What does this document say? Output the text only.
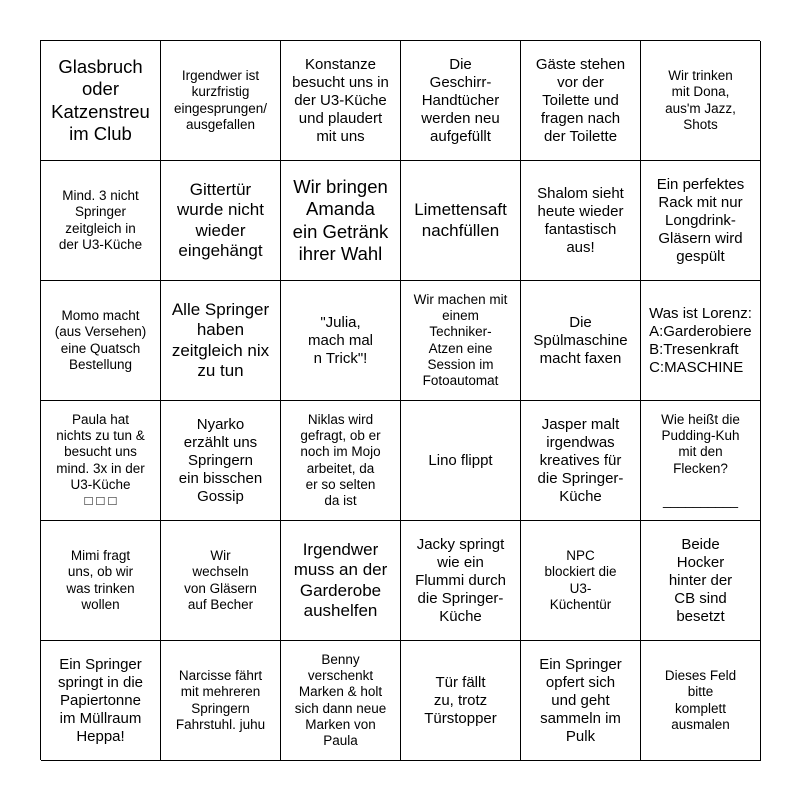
Glasbruch
oder
Katzenstreu
im Club
Irgendwer ist
kurzfristig
eingesprungen/
ausgefallen
Konstanze
besucht uns in
der U3-Küche
und plaudert
mit uns
Die
Geschirr-
Handtücher
werden neu
aufgefüllt
Gäste stehen
vor der
Toilette und
fragen nach
der Toilette
Wir trinken
mit Dona,
aus'm Jazz,
Shots
Mind. 3 nicht
Springer
zeitgleich in
der U3-Küche
Gittertür
wurde nicht
wieder
eingehängt
Wir bringen
Amanda
ein Getränk
ihrer Wahl
Limettensaft
nachfüllen
Shalom sieht
heute wieder
fantastisch
aus!
Ein perfektes
Rack mit nur
Longdrink-
Gläsern wird
gespült
Momo macht
(aus Versehen)
eine Quatsch
Bestellung
Alle Springer
haben
zeitgleich nix
zu tun
"Julia,
mach mal
n Trick"!
Wir machen mit
einem
Techniker-
Atzen eine
Session im
Fotoautomat
Die
Spülmaschine
macht faxen
Was ist Lorenz:
A:Garderobiere
B:Tresenkraft
C:MASCHINE
Paula hat
nichts zu tun &
besucht uns
mind. 3x in der
U3-Küche
□ □ □
Nyarko
erzählt uns
Springern
ein bisschen
Gossip
Niklas wird
gefragt, ob er
noch im Mojo
arbeitet, da
er so selten
da ist
Lino flippt
Jasper malt
irgendwas
kreatives für
die Springer-
Küche
Wie heißt die
Pudding-Kuh
mit den
Flecken?

__________
Mimi fragt
uns, ob wir
was trinken
wollen
Wir
wechseln
von Gläsern
auf Becher
Irgendwer
muss an der
Garderobe
aushelfen
Jacky springt
wie ein
Flummi durch
die Springer-
Küche
NPC
blockiert die
U3-
Küchentür
Beide
Hocker
hinter der
CB sind
besetzt
Ein Springer
springt in die
Papiertonne
im Müllraum
Heppa!
Narcisse fährt
mit mehreren
Springern
Fahrstuhl. juhu
Benny
verschenkt
Marken & holt
sich dann neue
Marken von
Paula
Tür fällt
zu, trotz
Türstopper
Ein Springer
opfert sich
und geht
sammeln im
Pulk
Dieses Feld
bitte
komplett
ausmalen
